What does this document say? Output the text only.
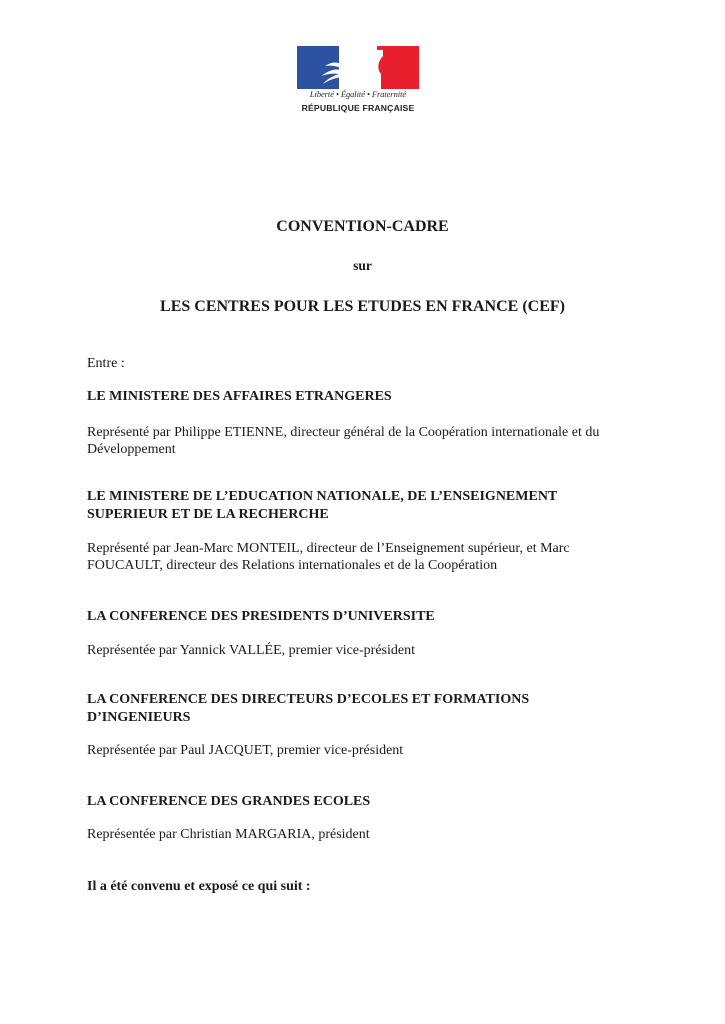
Liberté • Égalité • Fraternité
RÉPUBLIQUE FRANÇAISE
CONVENTION-CADRE
sur
LES CENTRES POUR LES ETUDES EN FRANCE (CEF)
Entre :
LE MINISTERE DES AFFAIRES ETRANGERES
Représenté par Philippe ETIENNE, directeur général de la Coopération internationale et du
Développement
LE MINISTERE DE L’EDUCATION NATIONALE, DE L’ENSEIGNEMENT
SUPERIEUR ET DE LA RECHERCHE
Représenté par Jean-Marc MONTEIL, directeur de l’Enseignement supérieur, et Marc
FOUCAULT, directeur des Relations internationales et de la Coopération
LA CONFERENCE DES PRESIDENTS D’UNIVERSITE
Représentée par Yannick VALLÉE, premier vice-président
LA CONFERENCE DES DIRECTEURS D’ECOLES ET FORMATIONS
D’INGENIEURS
Représentée par Paul JACQUET, premier vice-président
LA CONFERENCE DES GRANDES ECOLES
Représentée par Christian MARGARIA, président
Il a été convenu et exposé ce qui suit :
